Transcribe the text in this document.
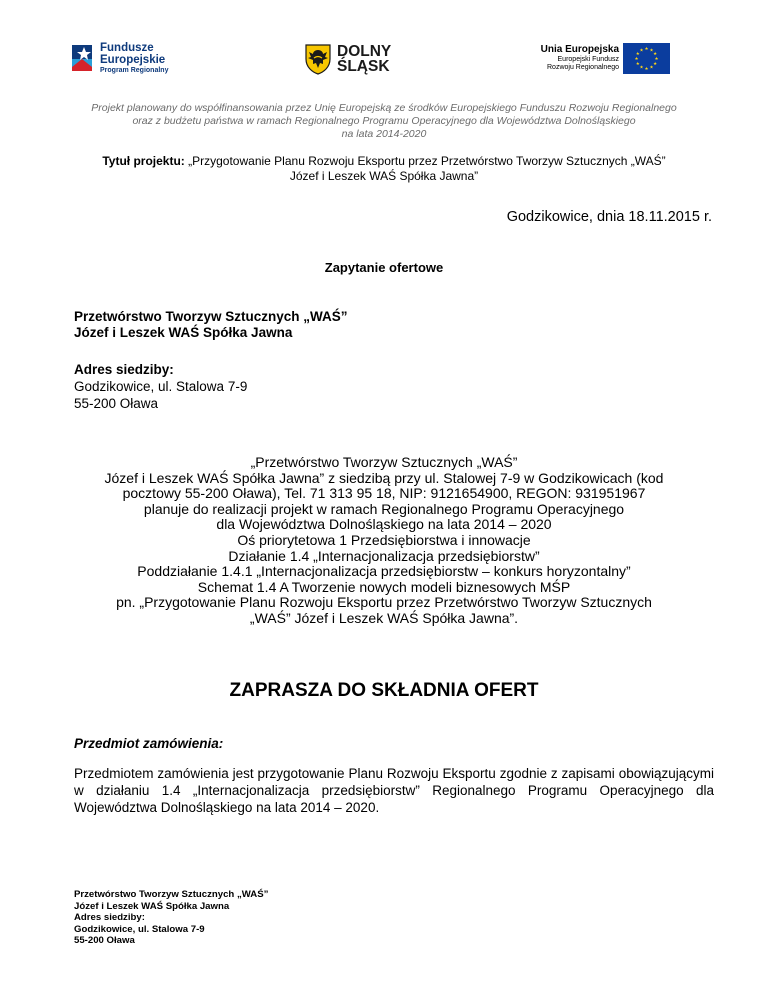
Fundusze
Europejskie
Program Regionalny
DOLNY
ŚLĄSK
Unia Europejska
Europejski Fundusz
Rozwoju Regionalnego
★ ★
★
★
★
★
★
★
★
★
★
★
Projekt planowany do współfinansowania przez Unię Europejską ze środków Europejskiego Funduszu Rozwoju Regionalnego
oraz z budżetu państwa w ramach Regionalnego Programu Operacyjnego dla Województwa Dolnośląskiego
na lata 2014-2020
Tytuł projektu: „Przygotowanie Planu Rozwoju Eksportu przez Przetwórstwo Tworzyw Sztucznych „WAŚ”
Józef i Leszek WAŚ Spółka Jawna”
Godzikowice, dnia 18.11.2015 r.
Zapytanie ofertowe
Przetwórstwo Tworzyw Sztucznych „WAŚ”
Józef i Leszek WAŚ Spółka Jawna
Adres siedziby:
Godzikowice, ul. Stalowa 7-9
55-200 Oława
„Przetwórstwo Tworzyw Sztucznych „WAŚ”
Józef i Leszek WAŚ Spółka Jawna” z siedzibą przy ul. Stalowej 7-9 w Godzikowicach (kod
pocztowy 55-200 Oława), Tel. 71 313 95 18, NIP: 9121654900, REGON: 931951967
planuje do realizacji projekt w ramach Regionalnego Programu Operacyjnego
dla Województwa Dolnośląskiego na lata 2014 – 2020
Oś priorytetowa 1 Przedsiębiorstwa i innowacje
Działanie 1.4 „Internacjonalizacja przedsiębiorstw”
Poddziałanie 1.4.1 „Internacjonalizacja przedsiębiorstw – konkurs horyzontalny”
Schemat 1.4 A Tworzenie nowych modeli biznesowych MŚP
pn. „Przygotowanie Planu Rozwoju Eksportu przez Przetwórstwo Tworzyw Sztucznych
„WAŚ” Józef i Leszek WAŚ Spółka Jawna”.
ZAPRASZA DO SKŁADNIA OFERT
Przedmiot zamówienia:
Przedmiotem zamówienia jest przygotowanie Planu Rozwoju Eksportu zgodnie z zapisami obowiązującymi w działaniu 1.4 „Internacjonalizacja przedsiębiorstw” Regionalnego Programu Operacyjnego dla Województwa Dolnośląskiego na lata 2014 – 2020.
Przetwórstwo Tworzyw Sztucznych „WAŚ”
Józef i Leszek WAŚ Spółka Jawna
Adres siedziby:
Godzikowice, ul. Stalowa 7-9
55-200 Oława
